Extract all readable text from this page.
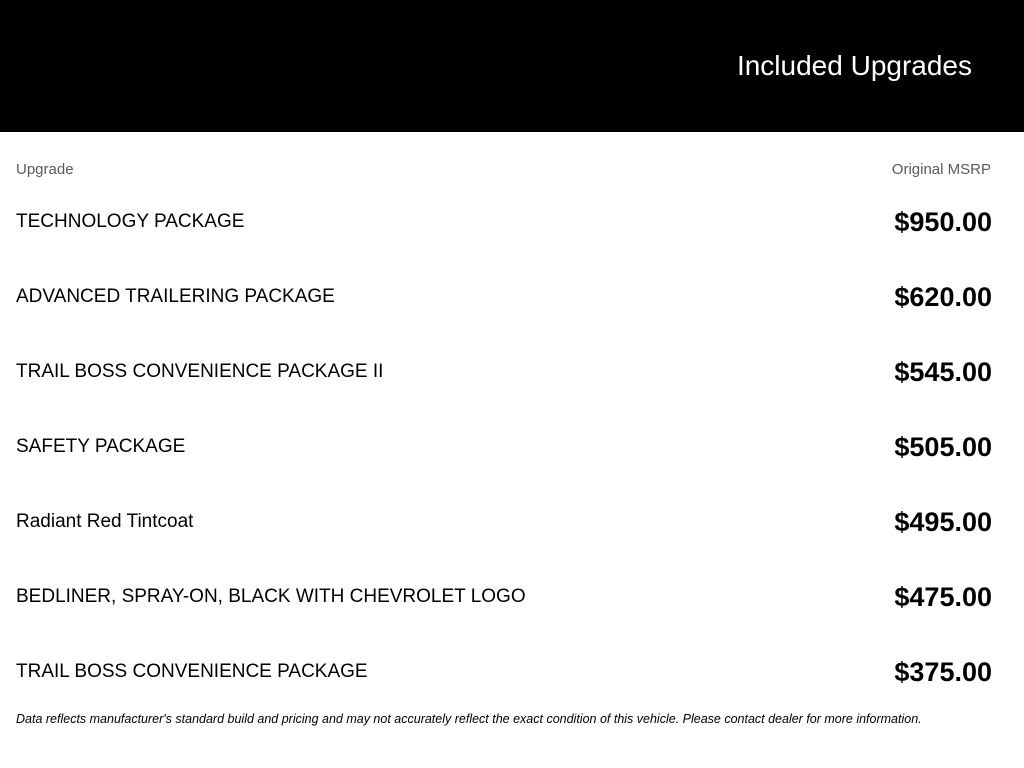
Included Upgrades
Upgrade	Original MSRP
TECHNOLOGY PACKAGE	$950.00
ADVANCED TRAILERING PACKAGE	$620.00
TRAIL BOSS CONVENIENCE PACKAGE II	$545.00
SAFETY PACKAGE	$505.00
Radiant Red Tintcoat	$495.00
BEDLINER, SPRAY-ON, BLACK WITH CHEVROLET LOGO	$475.00
TRAIL BOSS CONVENIENCE PACKAGE	$375.00
Data reflects manufacturer's standard build and pricing and may not accurately reflect the exact condition of this vehicle. Please contact dealer for more information.
